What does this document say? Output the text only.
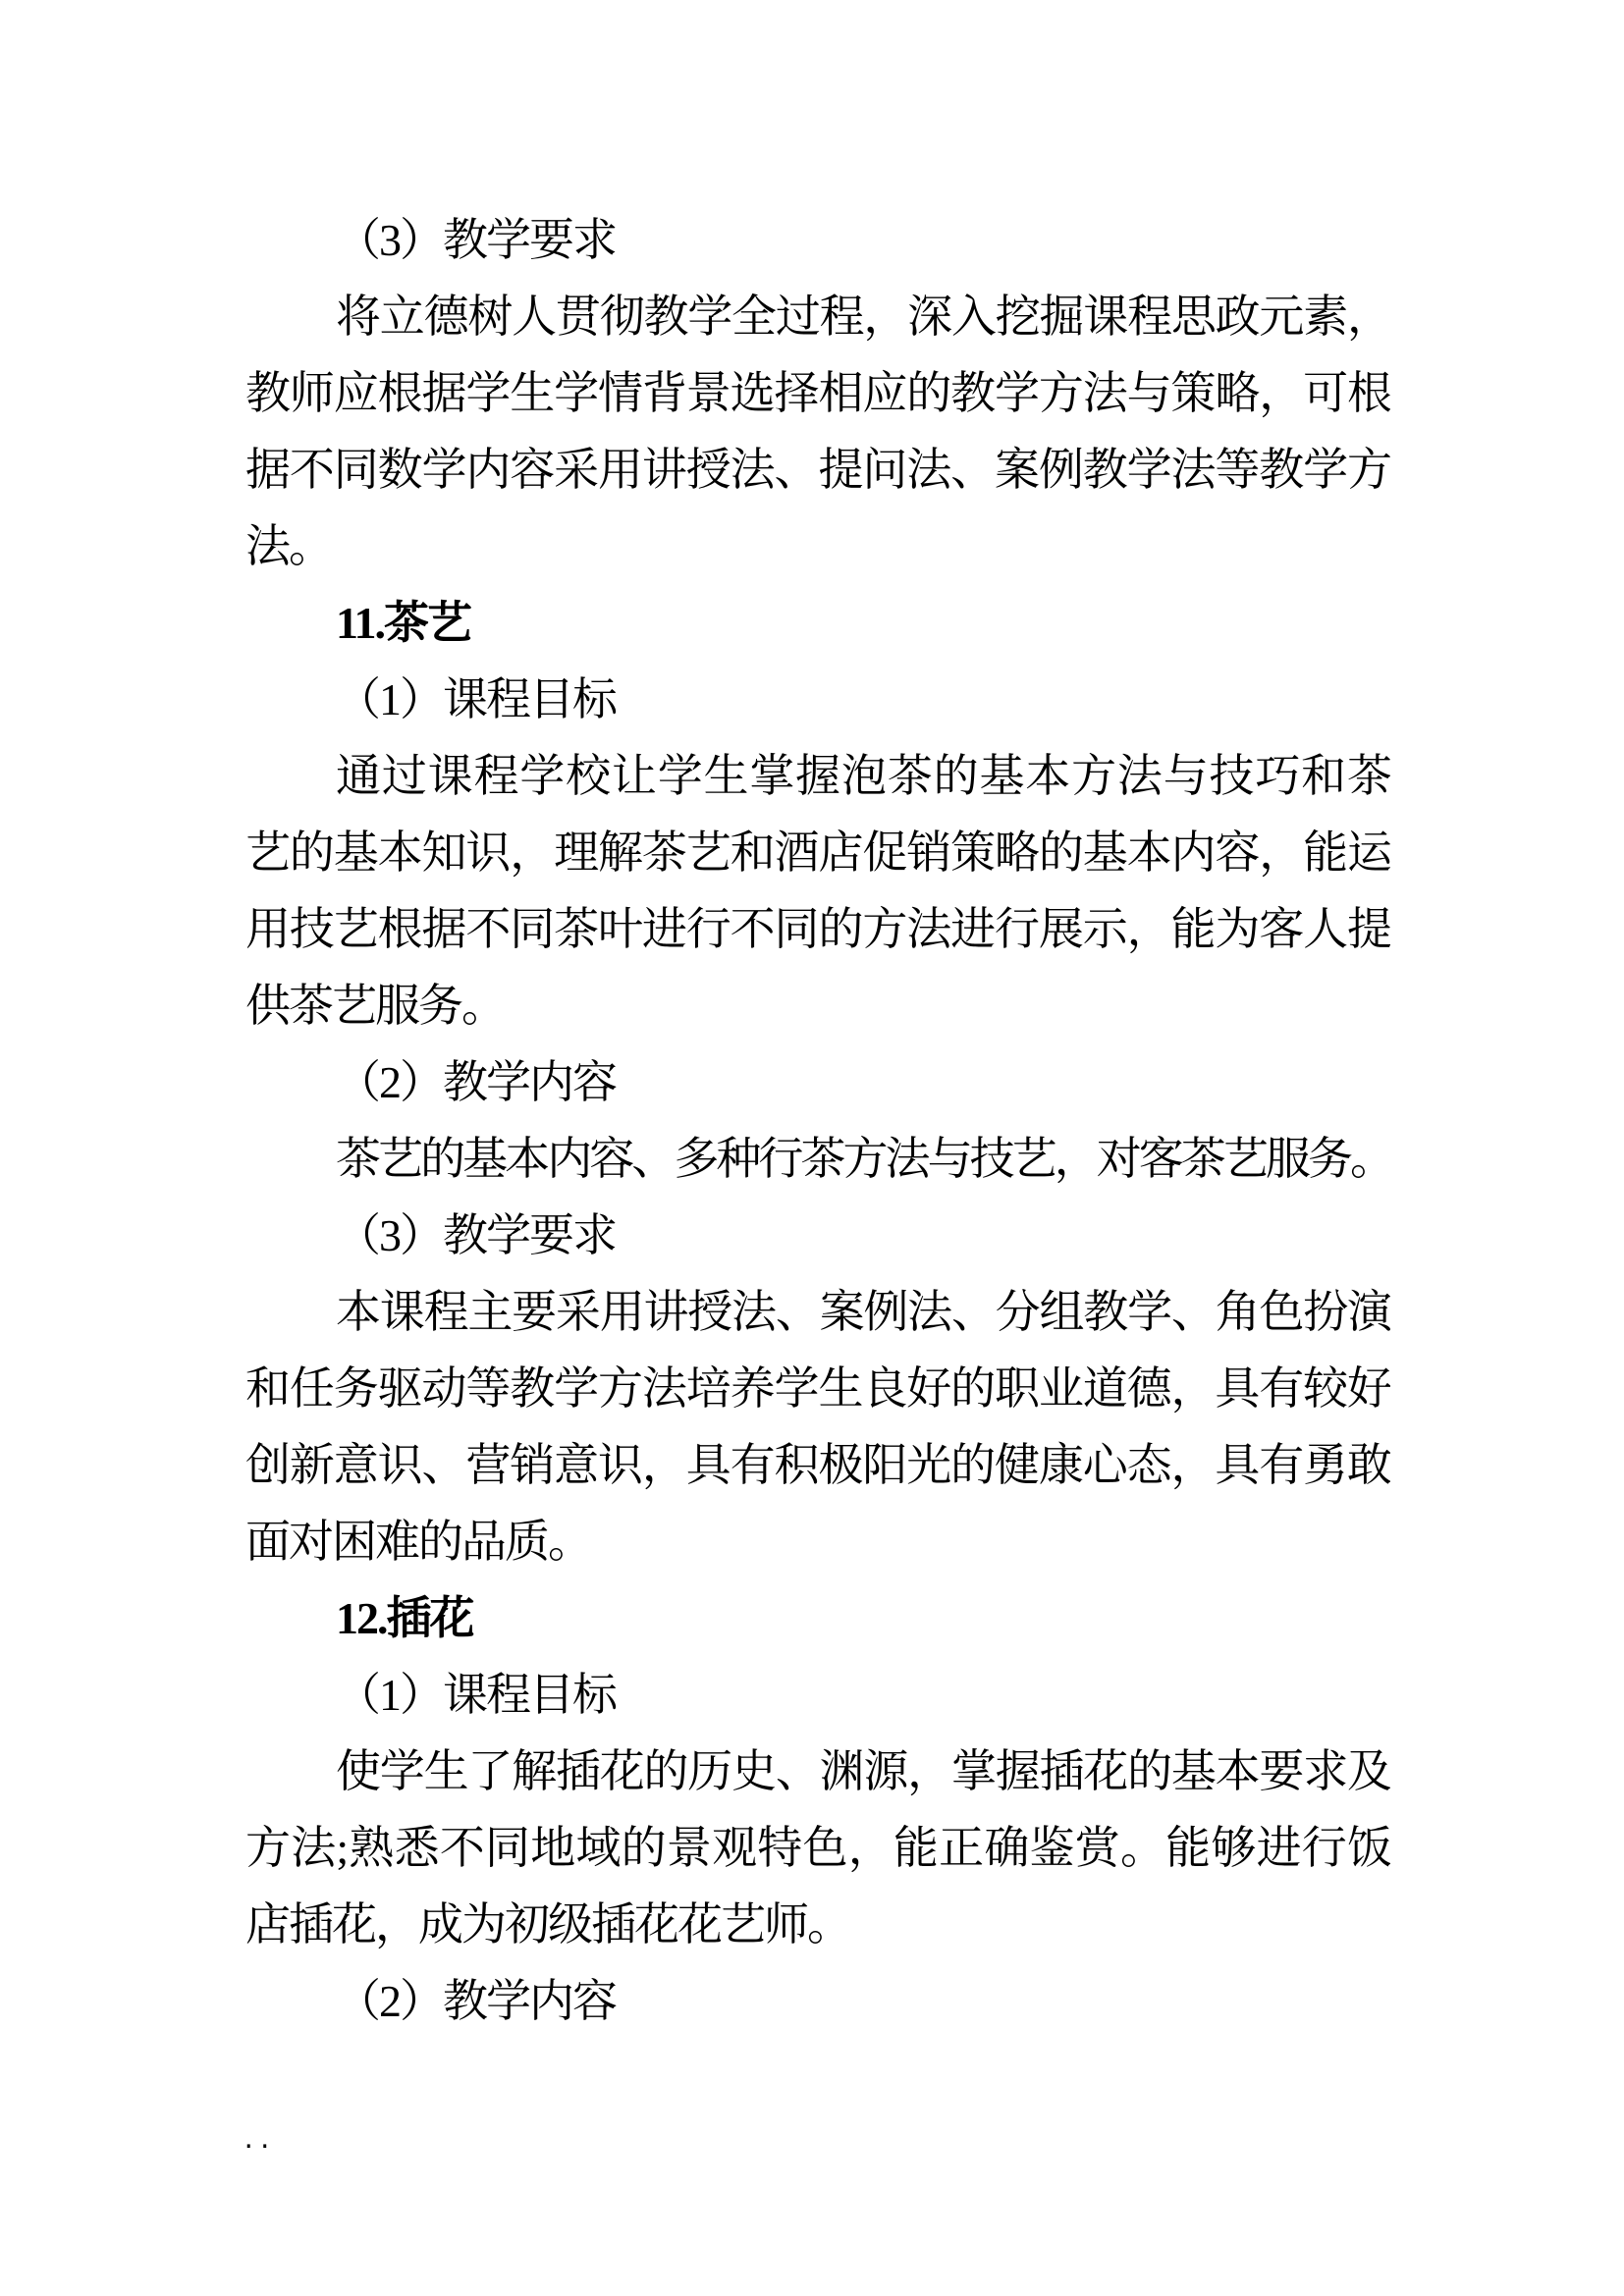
（3）教学要求
将立德树人贯彻教学全过程，深入挖掘课程思政元素，
教师应根据学生学情背景选择相应的教学方法与策略，可根
据不同数学内容采用讲授法、提问法、案例教学法等教学方
法。
11.茶艺
（1）课程目标
通过课程学校让学生掌握泡茶的基本方法与技巧和茶
艺的基本知识，理解茶艺和酒店促销策略的基本内容，能运
用技艺根据不同茶叶进行不同的方法进行展示，能为客人提
供茶艺服务。
（2）教学内容
茶艺的基本内容、多种行茶方法与技艺，对客茶艺服务。
（3）教学要求
本课程主要采用讲授法、案例法、分组教学、角色扮演
和任务驱动等教学方法培养学生良好的职业道德，具有较好
创新意识、营销意识，具有积极阳光的健康心态，具有勇敢
面对困难的品质。
12.插花
（1）课程目标
使学生了解插花的历史、渊源，掌握插花的基本要求及
方法;熟悉不同地域的景观特色，能正确鉴赏。能够进行饭
店插花，成为初级插花花艺师。
（2）教学内容
..
